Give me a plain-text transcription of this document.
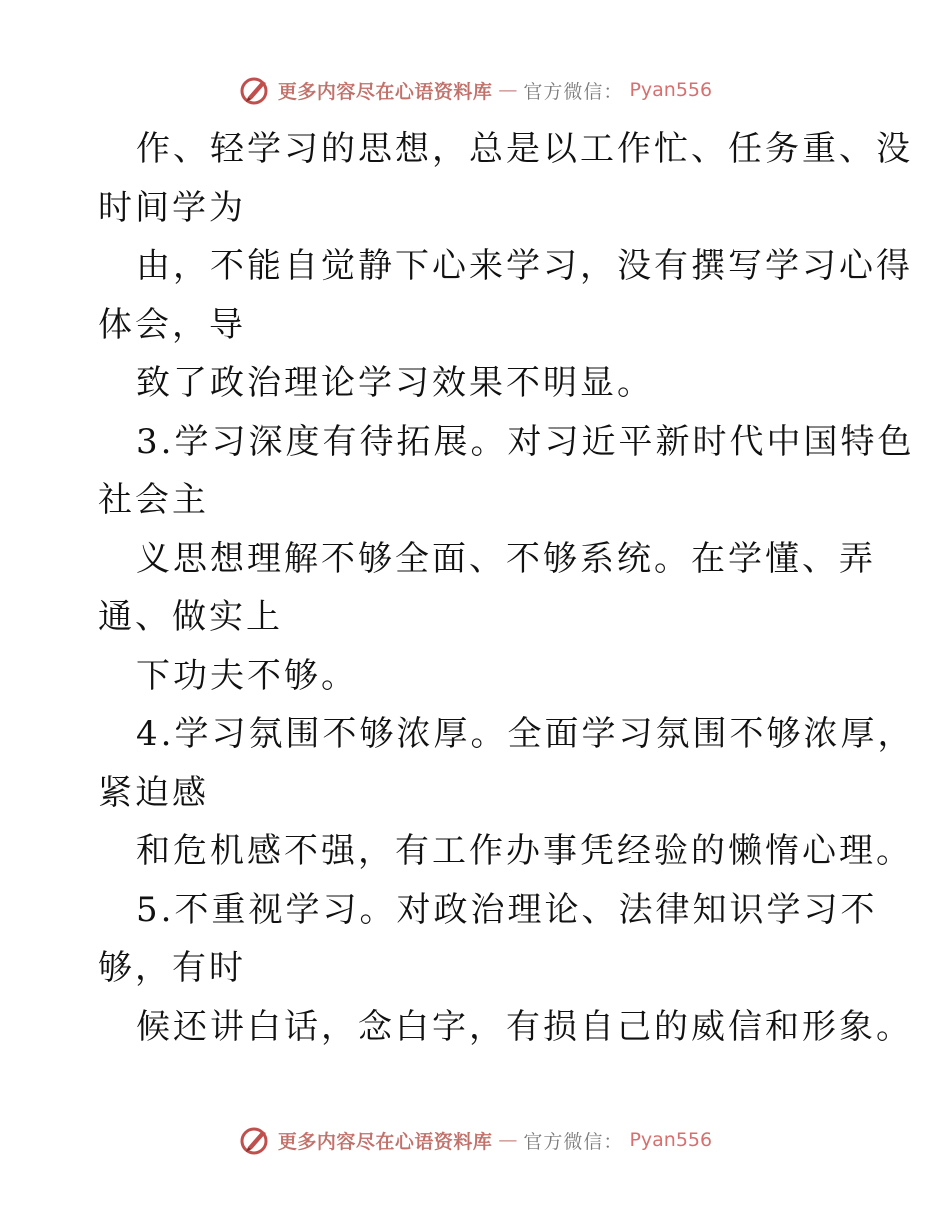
更多内容尽在心语资料库 — 官方微信： Pyan556
作、轻学习的思想，总是以工作忙、任务重、没
时间学为
由，不能自觉静下心来学习，没有撰写学习心得
体会，导
致了政治理论学习效果不明显。
3.学习深度有待拓展。对习近平新时代中国特色
社会主
义思想理解不够全面、不够系统。在学懂、弄
通、做实上
下功夫不够。
4.学习氛围不够浓厚。全面学习氛围不够浓厚，
紧迫感
和危机感不强，有工作办事凭经验的懒惰心理。
5.不重视学习。对政治理论、法律知识学习不
够，有时
候还讲白话，念白字，有损自己的威信和形象。
更多内容尽在心语资料库 — 官方微信： Pyan556
